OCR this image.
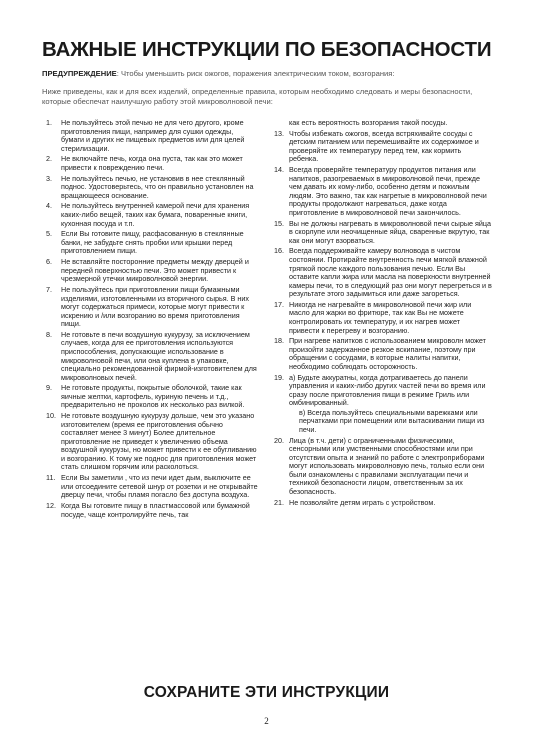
ВАЖНЫЕ ИНСТРУКЦИИ ПО БЕЗОПАСНОСТИ
ПРЕДУПРЕЖДЕНИЕ: Чтобы уменьшить риск ожогов, поражения электрическим током, возгорания:
Ниже приведены, как и для всех изделий, определенные правила, которым необходимо следовать и меры безопасности, которые обеспечат наилучшую работу этой микроволновой печи:
1. Не пользуйтесь этой печью не для чего другого, кроме приготовления пищи, например для сушки одежды, бумаги и других не пищевых предметов или для целей стерилизации.
2. Не включайте печь, когда она пуста, так как это может привести к повреждению печи.
3. Не пользуйтесь печью, не установив в нее стеклянный поднос. Удостоверьтесь, что он правильно установлен на вращающееся основание.
4. Не пользуйтесь внутренней камерой печи для хранения каких-либо вещей, таких как бумага, поваренные книги, кухонная посуда и т.п.
5. Если Вы готовите пищу, расфасованную в стеклянные банки, не забудьте снять пробки или крышки перед приготовлением пищи.
6. Не вставляйте посторонние предметы между дверцей и передней поверхностью печи. Это может привести к чрезмерной утечки микроволновой энергии.
7. Не пользуйтесь при приготовлении пищи бумажными изделиями, изготовленными из вторичного сырья. В них могут содержаться примеси, которые могут привести к искрению и /или возгоранию во время приготовления пищи.
8. Не готовьте в печи воздушную кукурузу, за исключением случаев, когда для ее приготовления используются приспособления, допускающие использование в микроволновой печи, или она куплена в упаковке, специально рекомендованной фирмой-изготовителем для микроволновых печей.
9. Не готовьте продукты, покрытые оболочкой, такие как яичные желтки, картофель, куриную печень и т.д., предварительно не проколов их несколько раз вилкой.
10. Не готовьте воздушную кукурузу дольше, чем это указано изготовителем (время ее приготовления обычно составляет менее 3 минут) Более длительное приготовление не приведет к увеличению объема воздушной кукурузы, но может привести к ее обугливанию и возгоранию. К тому же поднос для приготовления может стать слишком горячим или расколоться.
11. Если Вы заметили , что из печи идет дым, выключите ее или отсоедините сетевой шнур от розетки и не открывайте дверцу печи, чтобы пламя погасло без доступа воздуха.
12. Когда Вы готовите пищу в пластмассовой или бумажной посуде, чаще контролируйте печь, так
как есть вероятность возгорания такой посуды.
13. Чтобы избежать ожогов, всегда встряхивайте сосуды с детским питанием или перемешивайте их содержимое и проверяйте их температуру перед тем, как кормить ребенка.
14. Всегда проверяйте температуру продуктов питания или напитков, разогреваемых в микроволновой печи, прежде чем давать их кому-либо, особенно детям и пожилым людям. Это важно, так как нагретые в микроволновой печи продукты продолжают нагреваться, даже когда приготовление в микроволновой печи закончилось.
15. Вы не должны нагревать в микроволновой печи сырые яйца в скорлупе или неочищенные яйца, сваренные вкрутую, так как они могут взорваться.
16. Всегда поддерживайте камеру волновода в чистом состоянии. Протирайте внутренность печи мягкой влажной тряпкой после каждого пользования печью. Если Вы оставите капли жира или масла на поверхности внутренней камеры печи, то в следующий раз они могут перегреться и в результате этого задымиться или даже загореться.
17. Никогда не нагревайте в микроволновой печи жир или масло для жарки во фритюре, так как Вы не можете контролировать их температуру, и их нагрев может привести к перегреву и возгоранию.
18. При нагреве напитков с использованием микроволн может произойти задержанное резкое вскипание, поэтому при обращении с сосудами, в которые налиты напитки, необходимо соблюдать осторожность.
19. а) Будьте аккуратны, когда дотрагиваетесь до панели управления и каких-либо других частей печи во время или сразу после приготовления пищи в режиме Гриль или омбинированный.
в) Всегда пользуйтесь специальными варежками или перчатками при помещении или вытаскивании пищи из печи.
20. Лица (в т.ч. дети) с ограниченными физическими, сенсорными или умственными способностями или при отсутствии опыта и знаний по работе с электроприборами могут использовать микроволновую печь, только если они были ознакомлены с правилами эксплуатации печи и техникой безопасности лицом, ответственным за их безопасность.
21. Не позволяйте детям играть с устройством.
СОХРАНИТЕ ЭТИ ИНСТРУКЦИИ
2
